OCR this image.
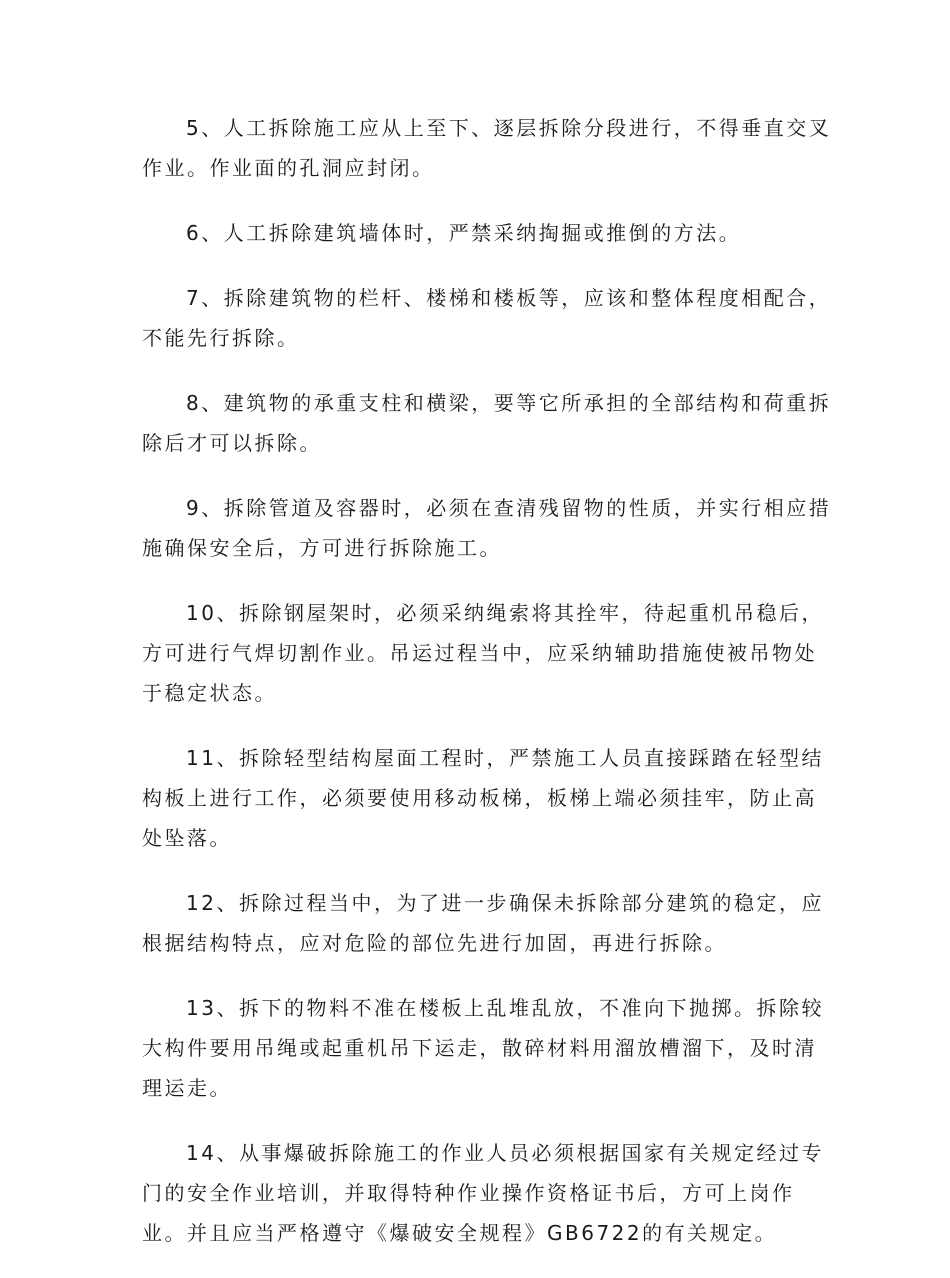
5、人工拆除施工应从上至下、逐层拆除分段进行，不得垂直交叉
作业。作业面的孔洞应封闭。

6、人工拆除建筑墙体时，严禁采纳掏掘或推倒的方法。

7、拆除建筑物的栏杆、楼梯和楼板等，应该和整体程度相配合，
不能先行拆除。

8、建筑物的承重支柱和横梁，要等它所承担的全部结构和荷重拆
除后才可以拆除。

9、拆除管道及容器时，必须在查清残留物的性质，并实行相应措
施确保安全后，方可进行拆除施工。

10、拆除钢屋架时，必须采纳绳索将其拴牢，待起重机吊稳后，
方可进行气焊切割作业。吊运过程当中，应采纳辅助措施使被吊物处
于稳定状态。

11、拆除轻型结构屋面工程时，严禁施工人员直接踩踏在轻型结
构板上进行工作，必须要使用移动板梯，板梯上端必须挂牢，防止高
处坠落。

12、拆除过程当中，为了进一步确保未拆除部分建筑的稳定，应
根据结构特点，应对危险的部位先进行加固，再进行拆除。

13、拆下的物料不准在楼板上乱堆乱放，不准向下抛掷。拆除较
大构件要用吊绳或起重机吊下运走，散碎材料用溜放槽溜下，及时清
理运走。

14、从事爆破拆除施工的作业人员必须根据国家有关规定经过专
门的安全作业培训，并取得特种作业操作资格证书后，方可上岗作
业。并且应当严格遵守《爆破安全规程》GB6722的有关规定。
